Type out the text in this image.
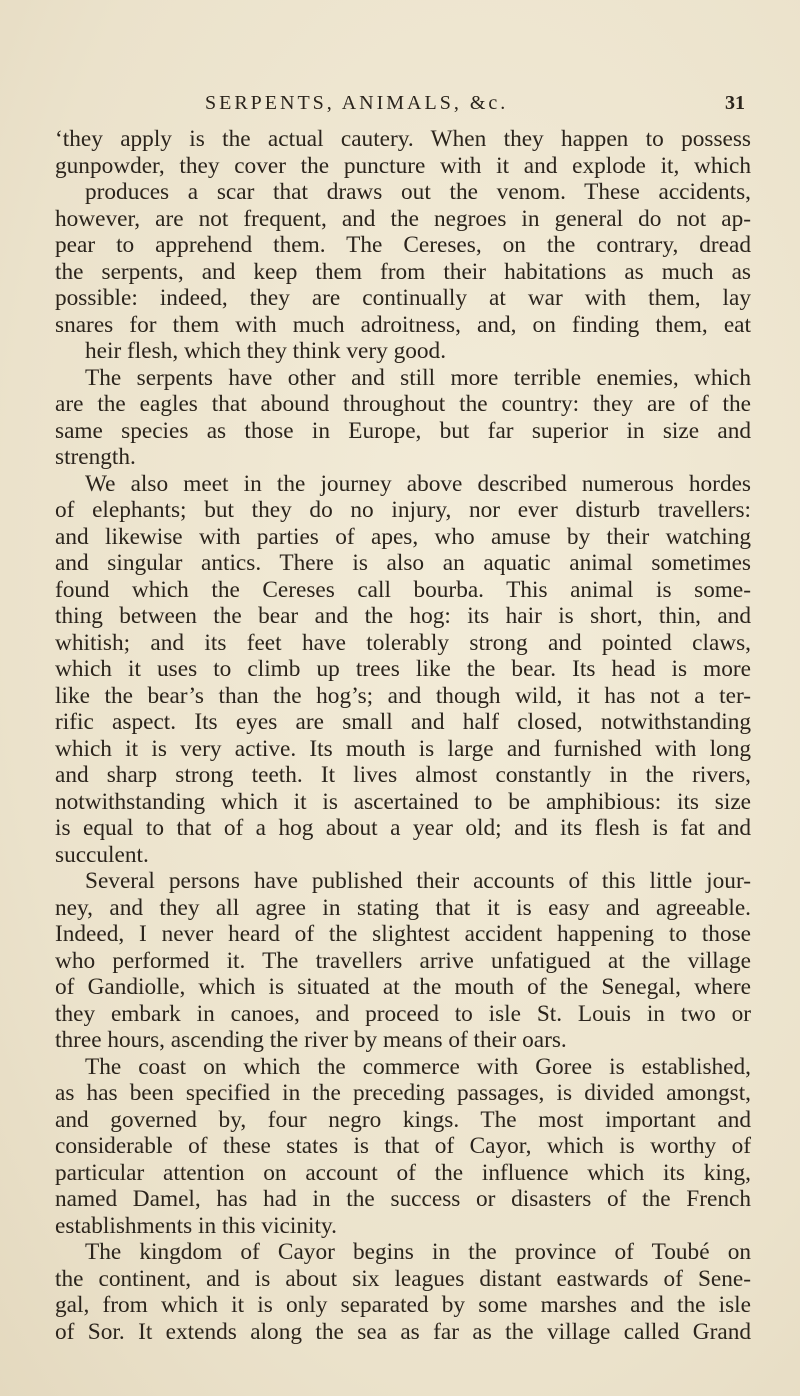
SERPENTS, ANIMALS, &c.	31
‘they apply is the actual cautery. When they happen to possess
gunpowder, they cover the puncture with it and explode it, which
produces a scar that draws out the venom. These accidents,
however, are not frequent, and the negroes in general do not ap-
pear to apprehend them. The Cereses, on the contrary, dread
the serpents, and keep them from their habitations as much as
possible: indeed, they are continually at war with them, lay
snares for them with much adroitness, and, on finding them, eat
heir flesh, which they think very good.
The serpents have other and still more terrible enemies, which
are the eagles that abound throughout the country: they are of the
same species as those in Europe, but far superior in size and
strength.
We also meet in the journey above described numerous hordes
of elephants; but they do no injury, nor ever disturb travellers:
and likewise with parties of apes, who amuse by their watching
and singular antics. There is also an aquatic animal sometimes
found which the Cereses call bourba. This animal is some-
thing between the bear and the hog: its hair is short, thin, and
whitish; and its feet have tolerably strong and pointed claws,
which it uses to climb up trees like the bear. Its head is more
like the bear’s than the hog’s; and though wild, it has not a ter-
rific aspect. Its eyes are small and half closed, notwithstanding
which it is very active. Its mouth is large and furnished with long
and sharp strong teeth. It lives almost constantly in the rivers,
notwithstanding which it is ascertained to be amphibious: its size
is equal to that of a hog about a year old; and its flesh is fat and
succulent.
Several persons have published their accounts of this little jour-
ney, and they all agree in stating that it is easy and agreeable.
Indeed, I never heard of the slightest accident happening to those
who performed it. The travellers arrive unfatigued at the village
of Gandiolle, which is situated at the mouth of the Senegal, where
they embark in canoes, and proceed to isle St. Louis in two or
three hours, ascending the river by means of their oars.
The coast on which the commerce with Goree is established,
as has been specified in the preceding passages, is divided amongst,
and governed by, four negro kings. The most important and
considerable of these states is that of Cayor, which is worthy of
particular attention on account of the influence which its king,
named Damel, has had in the success or disasters of the French
establishments in this vicinity.
The kingdom of Cayor begins in the province of Toubé on
the continent, and is about six leagues distant eastwards of Sene-
gal, from which it is only separated by some marshes and the isle
of Sor. It extends along the sea as far as the village called Grand
